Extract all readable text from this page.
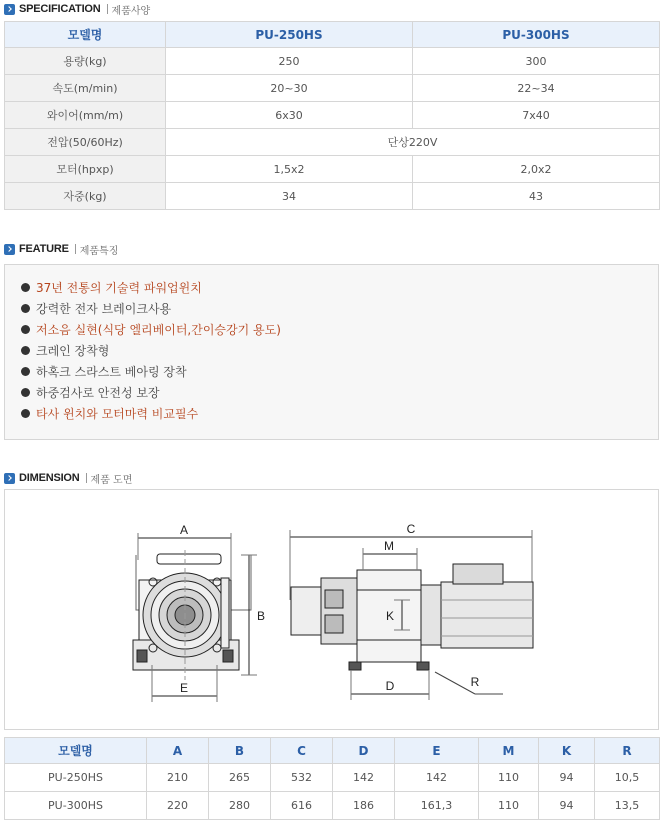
SPECIFICATION 제품사양
모델명	PU-250HS	PU-300HS
용량(kg)	250	300
속도(m/min)	20~30	22~34
와이어(mm/m)	6x30	7x40
전압(50/60Hz)	단상220V	
모터(hpxp)	1,5x2	2,0x2
자중(kg)	34	43
FEATURE 제품특징
37년 전통의 기술력 파워업윈치
강력한 전자 브레이크사용
저소음 실현(식당 엘리베이터,간이승강기 용도)
크레인 장착형
하혹크 스라스트 베아링 장착
하중검사로 안전성 보장
타사 윈치와 모터마력 비교필수
DIMENSION 제품 도면
A
B
E
C
M
K
D	R
모델명	A	B	C	D	E	M	K	R
PU-250HS	210	265	532	142	142	110	94	10,5
PU-300HS	220	280	616	186	161,3	110	94	13,5
